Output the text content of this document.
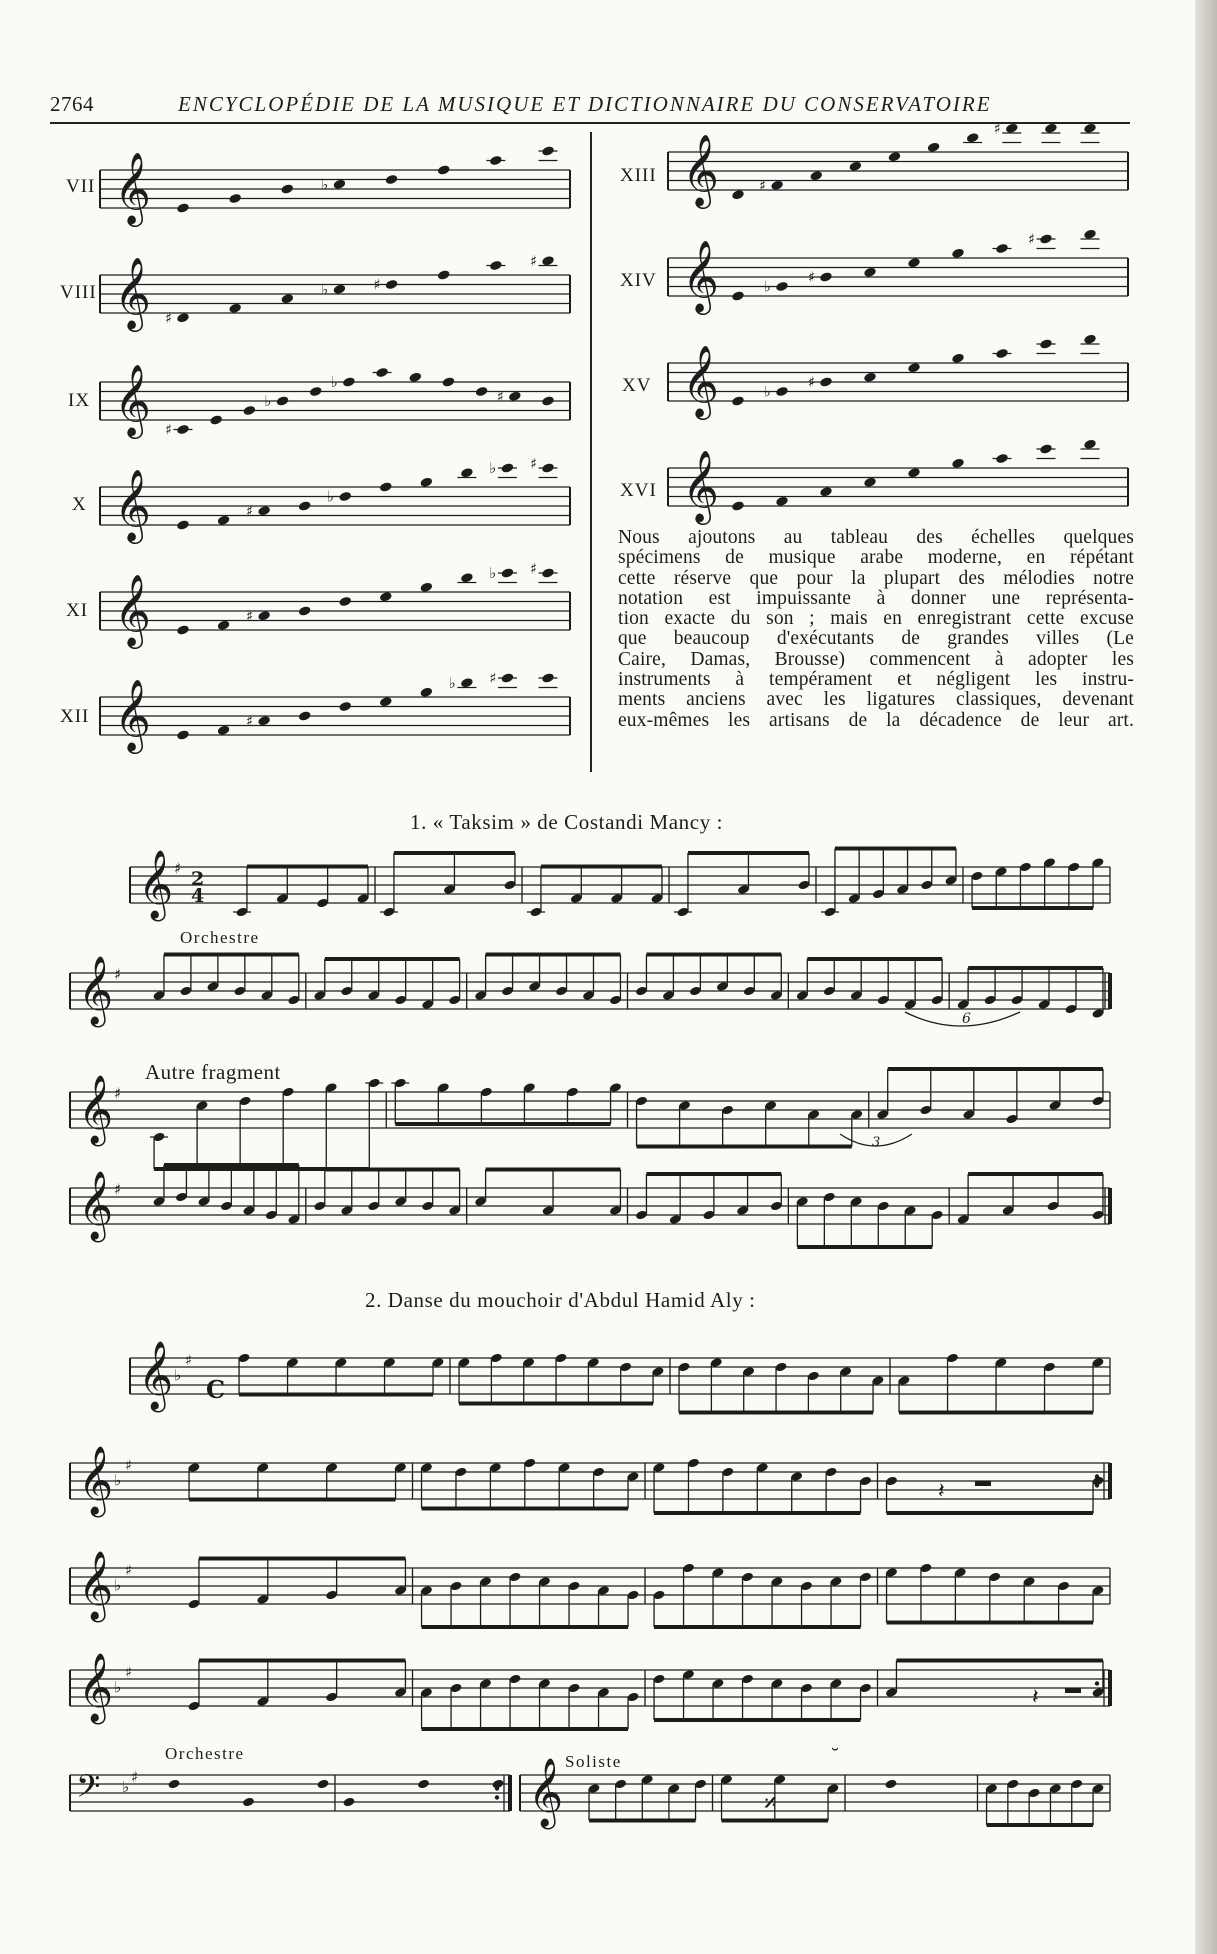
2764	ENCYCLOPÉDIE DE LA MUSIQUE ET DICTIONNAIRE DU CONSERVATOIRE
VII
VIII
IX
X
XI
XII
XIII
XIV
XV
XVI
Nous ajoutons au tableau des échelles quelques
spécimens de musique arabe moderne, en répétant
cette réserve que pour la plupart des mélodies notre
notation est impuissante à donner une représenta-
tion exacte du son ; mais en enregistrant cette excuse
que beaucoup d'exécutants de grandes villes (Le
Caire, Damas, Brousse) commencent à adopter les
instruments à tempérament et négligent les instru-
ments anciens avec les ligatures classiques, devenant
eux-mêmes les artisans de la décadence de leur art.
1. « Taksim » de Costandi Mancy :
Orchestre
Autre fragment
2. Danse du mouchoir d'Abdul Hamid Aly :
Orchestre	Soliste
𝄞	♭
𝄞 ♯
♭	♯
♯
𝄞 ♯
♭
♭
♯
𝄞	♯
♭
♭ ♯
𝄞	♯
♭ ♯
𝄞	♯
♭ ♯
𝄞	♯
♯
𝄞	♭
♯
♯
𝄞	♭
♯
𝄞
𝄞 ♯ 2
4
𝄞 ♯
6
𝄞 ♯
3
𝄞 ♯
𝄞 ♭
♯
C
𝄞 ♭
♯
𝄽
𝄞 ♭
♯
𝄞 ♭
♯
𝄽
𝄢 ♭
♯	𝄞	𝄎
˘
